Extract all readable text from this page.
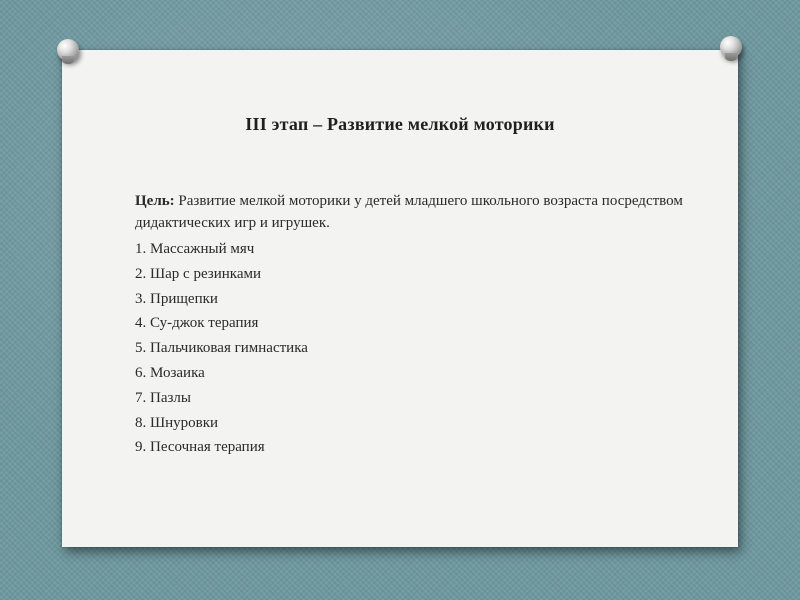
III этап – Развитие мелкой моторики

Цель: Развитие мелкой моторики у детей младшего школьного возраста посредством дидактических игр и игрушек.

1. Массажный мяч
2. Шар с резинками
3. Прищепки
4. Су-джок терапия
5. Пальчиковая гимнастика
6. Мозаика
7. Пазлы
8. Шнуровки
9. Песочная терапия
